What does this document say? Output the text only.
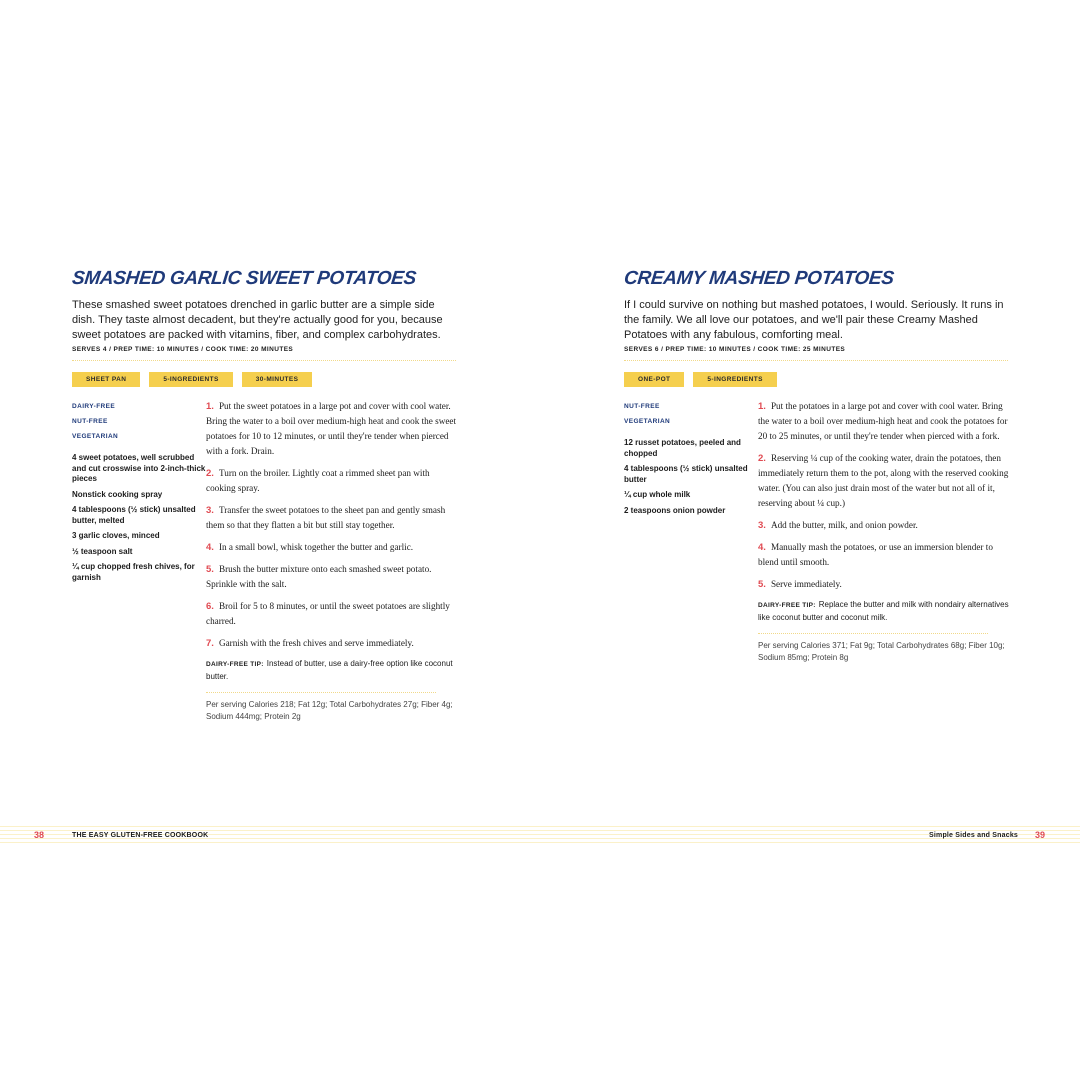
SMASHED GARLIC SWEET POTATOES

These smashed sweet potatoes drenched in garlic butter are a simple side dish. They taste almost decadent, but they're actually good for you, because sweet potatoes are packed with vitamins, fiber, and complex carbohydrates.

SERVES 4 / PREP TIME: 10 MINUTES / COOK TIME: 20 MINUTES
SHEET PAN	5-INGREDIENTS	30-MINUTES
DAIRY-FREE
NUT-FREE
VEGETARIAN
4 sweet potatoes, well scrubbed and cut crosswise into 2-inch-thick pieces
Nonstick cooking spray
4 tablespoons (½ stick) unsalted butter, melted
3 garlic cloves, minced
½ teaspoon salt
¼ cup chopped fresh chives, for garnish
1. Put the sweet potatoes in a large pot and cover with cool water. Bring the water to a boil over medium-high heat and cook the sweet potatoes for 10 to 12 minutes, or until they're tender when pierced with a fork. Drain.
2. Turn on the broiler. Lightly coat a rimmed sheet pan with cooking spray.
3. Transfer the sweet potatoes to the sheet pan and gently smash them so that they flatten a bit but still stay together.
4. In a small bowl, whisk together the butter and garlic.
5. Brush the butter mixture onto each smashed sweet potato. Sprinkle with the salt.
6. Broil for 5 to 8 minutes, or until the sweet potatoes are slightly charred.
7. Garnish with the fresh chives and serve immediately.
DAIRY-FREE TIP: Instead of butter, use a dairy-free option like coconut butter.
Per serving Calories 218; Fat 12g; Total Carbohydrates 27g; Fiber 4g; Sodium 444mg; Protein 2g
CREAMY MASHED POTATOES

If I could survive on nothing but mashed potatoes, I would. Seriously. It runs in the family. We all love our potatoes, and we'll pair these Creamy Mashed Potatoes with any fabulous, comforting meal.

SERVES 6 / PREP TIME: 10 MINUTES / COOK TIME: 25 MINUTES
ONE-POT	5-INGREDIENTS
NUT-FREE
VEGETARIAN
12 russet potatoes, peeled and chopped
4 tablespoons (½ stick) unsalted butter
¼ cup whole milk
2 teaspoons onion powder
1. Put the potatoes in a large pot and cover with cool water. Bring the water to a boil over medium-high heat and cook the potatoes for 20 to 25 minutes, or until they're tender when pierced with a fork.
2. Reserving ¼ cup of the cooking water, drain the potatoes, then immediately return them to the pot, along with the reserved cooking water. (You can also just drain most of the water but not all of it, reserving about ¼ cup.)
3. Add the butter, milk, and onion powder.
4. Manually mash the potatoes, or use an immersion blender to blend until smooth.
5. Serve immediately.
DAIRY-FREE TIP: Replace the butter and milk with nondairy alternatives like coconut butter and coconut milk.
Per serving Calories 371; Fat 9g; Total Carbohydrates 68g; Fiber 10g; Sodium 85mg; Protein 8g
38	THE EASY GLUTEN-FREE COOKBOOK	Simple Sides and Snacks 39
